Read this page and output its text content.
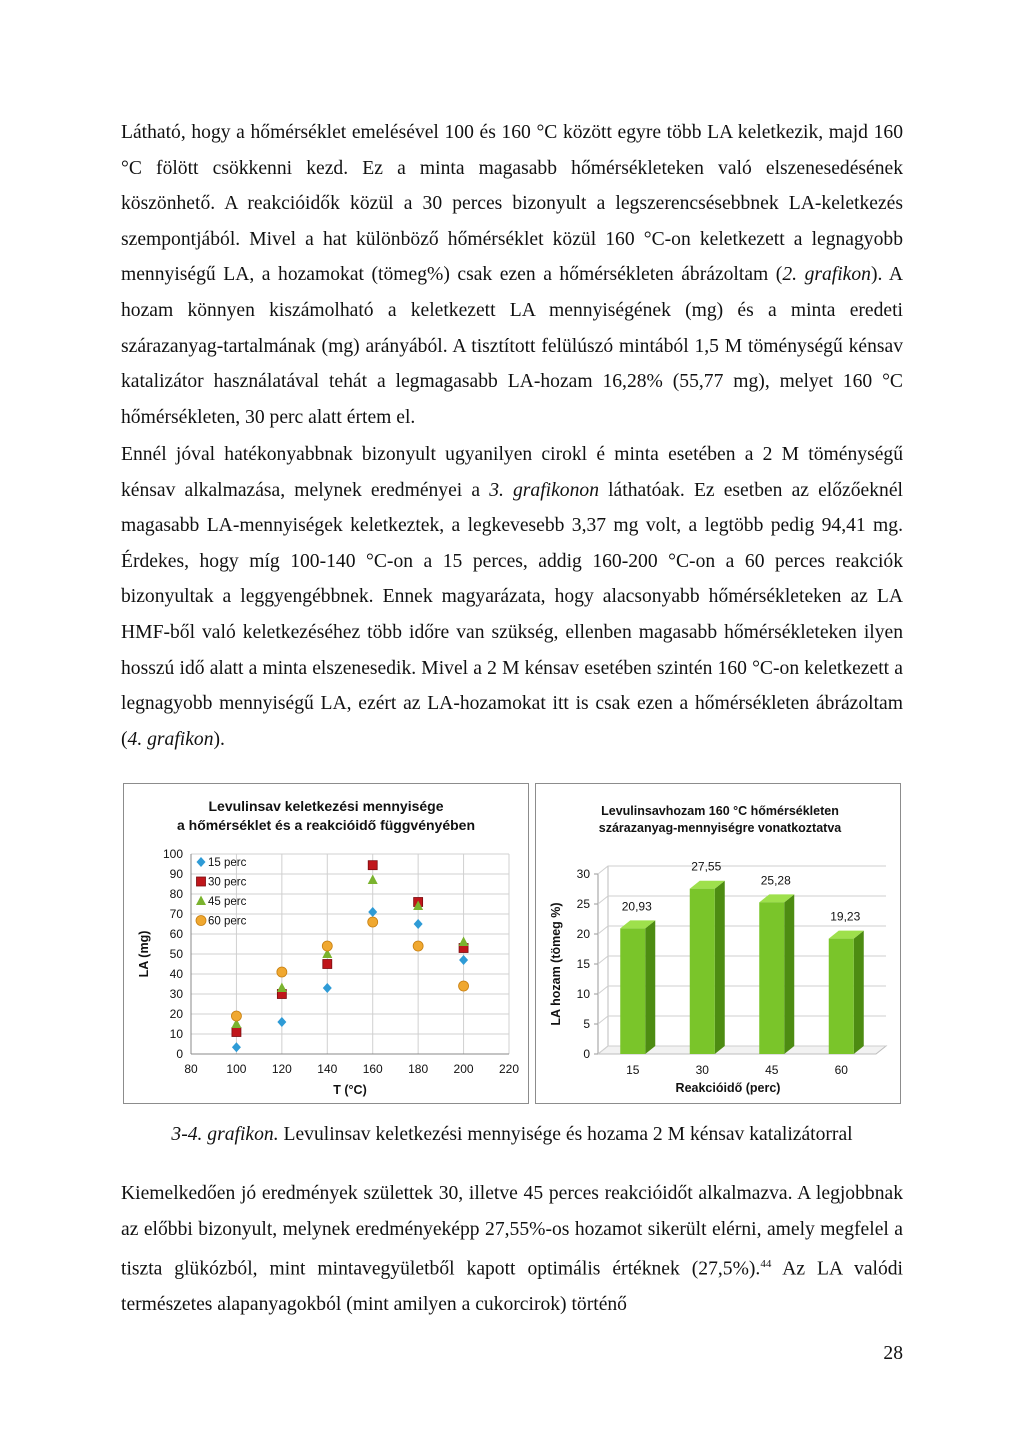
Látható, hogy a hőmérséklet emelésével 100 és 160 °C között egyre több LA keletkezik, majd 160 °C fölött csökkenni kezd. Ez a minta magasabb hőmérsékleteken való elszenesedésének köszönhető. A reakcióidők közül a 30 perces bizonyult a legszerencsésebbnek LA-keletkezés szempontjából. Mivel a hat különböző hőmérséklet közül 160 °C-on keletkezett a legnagyobb mennyiségű LA, a hozamokat (tömeg%) csak ezen a hőmérsékleten ábrázoltam (2. grafikon). A hozam könnyen kiszámolható a keletkezett LA mennyiségének (mg) és a minta eredeti szárazanyag-tartalmának (mg) arányából. A tisztított felülúszó mintából 1,5 M töménységű kénsav katalizátor használatával tehát a legmagasabb LA-hozam 16,28% (55,77 mg), melyet 160 °C hőmérsékleten, 30 perc alatt értem el.

Ennél jóval hatékonyabbnak bizonyult ugyanilyen cirokl é minta esetében a 2 M töménységű kénsav alkalmazása, melynek eredményei a 3. grafikonon láthatóak. Ez esetben az előzőeknél magasabb LA-mennyiségek keletkeztek, a legkevesebb 3,37 mg volt, a legtöbb pedig 94,41 mg. Érdekes, hogy míg 100-140 °C-on a 15 perces, addig 160-200 °C-on a 60 perces reakciók bizonyultak a leggyengébbnek. Ennek magyarázata, hogy alacsonyabb hőmérsékleteken az LA HMF-ből való keletkezéséhez több időre van szükség, ellenben magasabb hőmérsékleteken ilyen hosszú idő alatt a minta elszenesedik. Mivel a 2 M kénsav esetében szintén 160 °C-on keletkezett a legnagyobb mennyiségű LA, ezért az LA-hozamokat itt is csak ezen a hőmérsékleten ábrázoltam (4. grafikon).

Levulinsav keletkezési mennyisége
a hőmérséklet és a reakcióidő függvényében
0
10
20
30
40
50
60
70
80
90
100
80 100 120 140 160 180 200 220
T (°C)
LA (mg)
15 perc
30 perc
45 perc
60 perc
Levulinsavhozam 160 °C hőmérsékleten
szárazanyag-mennyiségre vonatkoztatva
0
5
10
15
20
25
30
20,93
15
27,55
30
25,28
45
19,23
60
Reakcióidő (perc)
LA hozam (tömeg %)
3-4. grafikon. Levulinsav keletkezési mennyisége és hozama 2 M kénsav katalizátorral

Kiemelkedően jó eredmények születtek 30, illetve 45 perces reakcióidőt alkalmazva. A legjobbnak az előbbi bizonyult, melynek eredményeképp 27,55%-os hozamot sikerült elérni, amely megfelel a tiszta glükózból, mint mintavegyületből kapott optimális értéknek (27,5%).$^{44}$ Az LA valódi természetes alapanyagokból (mint amilyen a cukorcirok) történő

28
